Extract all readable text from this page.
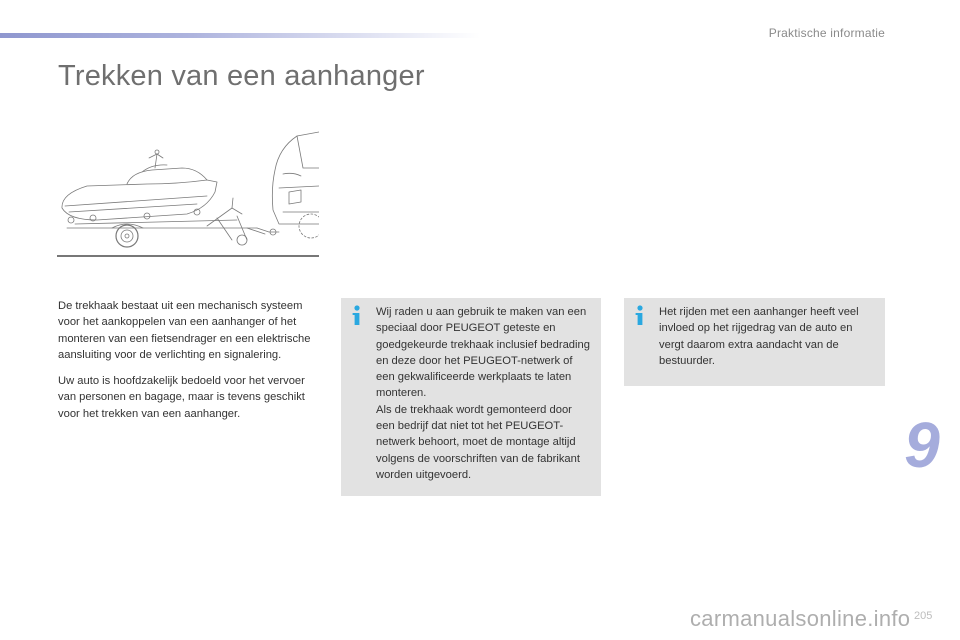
Praktische informatie
Trekken van een aanhanger

De trekhaak bestaat uit een mechanisch systeem voor het aankoppelen van een aanhanger of het monteren van een fietsendrager en een elektrische aansluiting voor de verlichting en signalering.

Uw auto is hoofdzakelijk bedoeld voor het vervoer van personen en bagage, maar is tevens geschikt voor het trekken van een aanhanger.

Wij raden u aan gebruik te maken van een speciaal door PEUGEOT geteste en goedgekeurde trekhaak inclusief bedrading en deze door het PEUGEOT-netwerk of een gekwalificeerde werkplaats te laten monteren.

Als de trekhaak wordt gemonteerd door een bedrijf dat niet tot het PEUGEOT-netwerk behoort, moet de montage altijd volgens de voorschriften van de fabrikant worden uitgevoerd.

Het rijden met een aanhanger heeft veel invloed op het rijgedrag van de auto en vergt daarom extra aandacht van de bestuurder.

9
carmanualsonline.info 205
